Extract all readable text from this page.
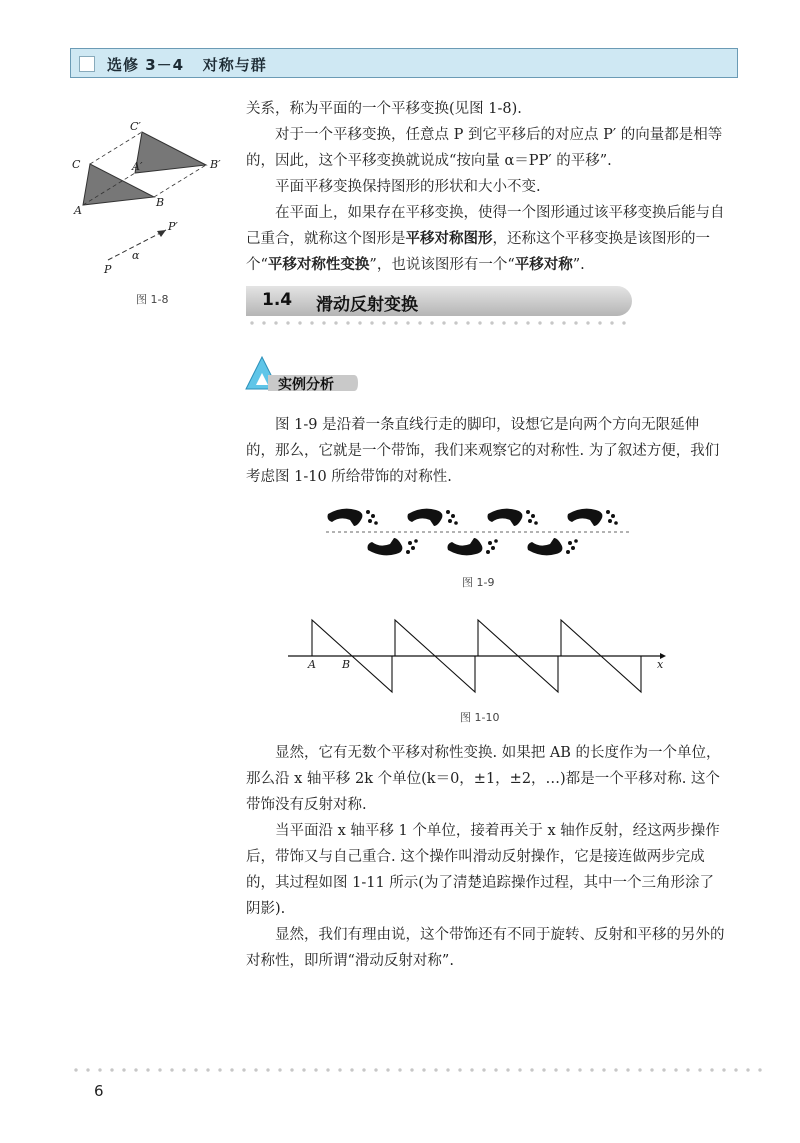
选修 3－4   对称与群
C′
C	A′	B′
A
B
P′
α
P
图 1-8

关系，称为平面的一个平移变换(见图 1-8).

对于一个平移变换，任意点 P 到它平移后的对应点 P′ 的向量都是相等的，因此，这个平移变换就说成“按向量 α＝PP′ 的平移”.

平面平移变换保持图形的形状和大小不变.

在平面上，如果存在平移变换，使得一个图形通过该平移变换后能与自己重合，就称这个图形是平移对称图形，还称这个平移变换是该图形的一个“平移对称性变换”，也说该图形有一个“平移对称”.

1.4 滑动反射变换
实例分析

图 1-9 是沿着一条直线行走的脚印，设想它是向两个方向无限延伸的，那么，它就是一个带饰，我们来观察它的对称性. 为了叙述方便，我们考虑图 1-10 所给带饰的对称性.

图 1-9
A B	x
图 1-10

显然，它有无数个平移对称性变换. 如果把 AB 的长度作为一个单位，那么沿 x 轴平移 2k 个单位(k＝0，±1，±2，…)都是一个平移对称. 这个带饰没有反射对称.

当平面沿 x 轴平移 1 个单位，接着再关于 x 轴作反射，经这两步操作后，带饰又与自己重合. 这个操作叫滑动反射操作，它是接连做两步完成的，其过程如图 1-11 所示(为了清楚追踪操作过程，其中一个三角形涂了阴影).

显然，我们有理由说，这个带饰还有不同于旋转、反射和平移的另外的对称性，即所谓“滑动反射对称”.

6
